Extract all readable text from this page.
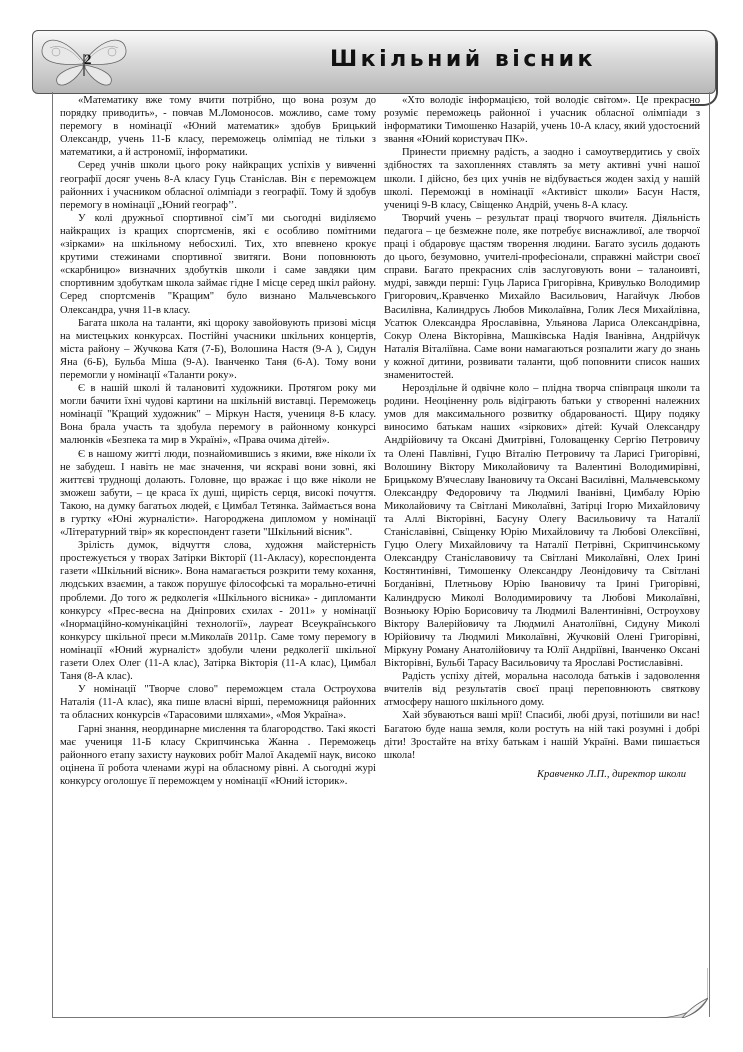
2	Шкільний вісник

«Математику вже тому вчити потрібно, що вона розум до порядку приводить», - повчав М.Ломоносов. можливо, саме тому перемогу в номінації «Юний математик» здобув Брицький Олександр, учень 11-Б класу, переможець олімпіад не тільки з математики, а й астрономії, інформатики.

Серед учнів школи цього року найкращих успіхів у вивченні географії досяг учень 8-А класу Гуць Станіслав. Він є переможцем районних і учасником обласної олімпіади з географії. Тому й здобув перемогу в номінації „Юний географ’’.

У колі дружньої спортивної сім’ї ми сьогодні виділяємо найкращих із кращих спортсменів, які є особливо помітними «зірками» на шкільному небосхилі. Тих, хто впевнено крокує крутими стежинами спортивної звитяги. Вони поповнюють «скарбницю» визначних здобутків школи і саме завдяки цим спортивним здобуткам школа займає гідне І місце серед шкіл району. Серед спортсменів "Кращим" було визнано Мальчевського Олександра, учня 11-в класу.

Багата школа на таланти, які щороку завойовують призові місця на мистецьких конкурсах. Постійні учасники шкільних концертів, міста району – Жучкова Катя (7-Б), Волошина Настя (9-А ), Сидун Яна (6-Б), Бульба Міша (9-А). Іванченко Таня (6-А). Тому вони перемогли у номінації «Таланти року».

Є в нашій школі й талановиті художники. Протягом року ми могли бачити їхні чудові картини на шкільній виставці. Переможець номінації "Кращий художник" – Міркун Настя, учениця 8-Б класу. Вона брала участь та здобула перемогу в районному конкурсі малюнків «Безпека та мир в Україні», «Права очима дітей».

Є в нашому житті люди, познайомившись з якими, вже ніколи їх не забудеш. І навіть не має значення, чи яскраві вони зовні, які життєві труднощі долають. Головне, що вражає і що вже ніколи не зможеш забути, – це краса їх душі, щирість серця, високі почуття. Такою, на думку багатьох людей, є Цимбал Тетянка. Займається вона в гуртку «Юні журналісти». Нагороджена дипломом у номінації «Літературний твір» як кореспондент газети "Шкільний вісник".

Зрілість думок, відчуття слова, художня майстерність простежується у творах Затірки Вікторії (11-Акласу), кореспондента газети «Шкільний вісник». Вона намагається розкрити тему кохання, людських взаємин, а також порушує філософські та морально-етичні проблеми. До того ж редколегія «Шкільного вісника» - дипломанти конкурсу «Прес-весна на Дніпрових схилах - 2011» у номінації «Інормаційно-комунікаційні технології», лауреат Всеукраїнського конкурсу шкільної преси м.Миколаїв 2011р. Саме тому перемогу в номінації «Юний журналіст» здобули члени редколегії шкільної газети Олех Олег (11-А клас), Затірка Вікторія (11-А клас), Цимбал Таня (8-А клас).

У номінації "Творче слово" переможцем стала Остроухова Наталія (11-А клас), яка пише власні вірші, переможниця районних та обласних конкурсів «Тарасовими шляхами», «Моя Україна».

Гарні знання, неординарне мислення та благородство. Такі якості має учениця 11-Б класу Скрипчинська Жанна . Переможець районного етапу захисту наукових робіт Малої Академії наук, високо оцінена її робота членами журі на обласному рівні. А сьогодні журі конкурсу оголошує її переможцем у номінації «Юний історик».

«Хто володіє інформацією, той володіє світом». Це прекрасно розуміє переможець районної і учасник обласної олімпіади з інформатики Тимошенко Назарій, учень 10-А класу, який удостоєний звання «Юний користувач ПК».

Принести приємну радість, а заодно і самоутвердитись у своїх здібностях та захопленнях ставлять за мету активні учні нашої школи. І дійсно, без цих учнів не відбувається жоден захід у нашій школі. Переможці в номінації «Активіст школи» Басун Настя, учениці 9-В класу, Свіщенко Андрій, учень 8-А класу.

Творчий учень – результат праці творчого вчителя. Діяльність педагога – це безмежне поле, яке потребує виснажливої, але творчої праці і обдаровує щастям творення людини. Багато зусиль додають до цього, безумовно, учителі-професіонали, справжні майстри своєї справи. Багато прекрасних слів заслуговують вони – таланоивті, мудрі, завжди перші: Гуць Лариса Григорівна, Кривулько Володимир Григорович,.Кравченко Михайло Васильович, Нагайчук Любов Василівна, Калиндрусь Любов Миколаївна, Голик Леся Михайлівна, Усатюк Олександра Ярославівна, Ульянова Лариса Олександрівна, Сокур Олена Вікторівна, Машківська Надія Іванівна, Андрійчук Наталія Віталіївна. Саме вони намагаються розпалити жагу до знань у кожної дитини, розвивати таланти, щоб поповнити список наших знаменитостей.

Нероздільне й одвічне коло – плідна творча співпраця школи та родини. Неоціненну роль відіграють батьки у створенні належних умов для максимального розвитку обдарованості. Щиру подяку виносимо батькам наших «зіркових» дітей: Кучай Олександру Андрійовичу та Оксані Дмитрівні, Головащенку Сергію Петровичу та Олені Павлівні, Гуцю Віталію Петровичу та Ларисі Григорівні, Волошину Віктору Миколайовичу та Валентині Володимирівні, Брицькому В'ячеславу Івановичу та Оксані Василівні, Мальчевському Олександру Федоровичу та Людмилі Іванівні, Цимбалу Юрію Миколайовичу та Світлані Миколаївні, Затірці Ігорю Михайловичу та Аллі Вікторівні, Басуну Олегу Васильовичу та Наталії Станіславівні, Свіщенку Юрію Михайловичу та Любові Олексіївні, Гуцю Олегу Михайловичу та Наталії Петрівні, Скрипчинському Олександру Станіславовичу та Світлані Миколаївні, Олех Ірині Костянтинівні, Тимошенку Олександру Леонідовичу та Світлані Богданівні, Плетньову Юрію Івановичу та Ірині Григорівні, Калиндрусю Миколі Володимировичу та Любові Миколаївні, Возньюку Юрію Борисовичу та Людмилі Валентинівні, Остроуховy Віктору Валерійовичу та Людмилі Анатоліївні, Сидуну Миколі Юрійовичу та Людмилі Миколаївні, Жучковій Олені Григорівні, Міркуну Роману Анатолійовичу та Юлії Андріївні, Іванченко Оксані Вікторівні, Бульбі Тарасу Васильовичу та Ярославі Ростиславівні.

Радість успіху дітей, моральна насолода батьків і задоволення вчителів від результатів своєї праці переповнюють святкову атмосферу нашого шкільного дому.

Хай збуваються ваші мрії! Спасибі, любі друзі, потішили ви нас! Багатою буде наша земля, коли ростуть на ній такі розумні і добрі діти! Зростайте на втіху батькам і нашій Україні. Вами пишається школа!

Кравченко Л.П., директор школи
